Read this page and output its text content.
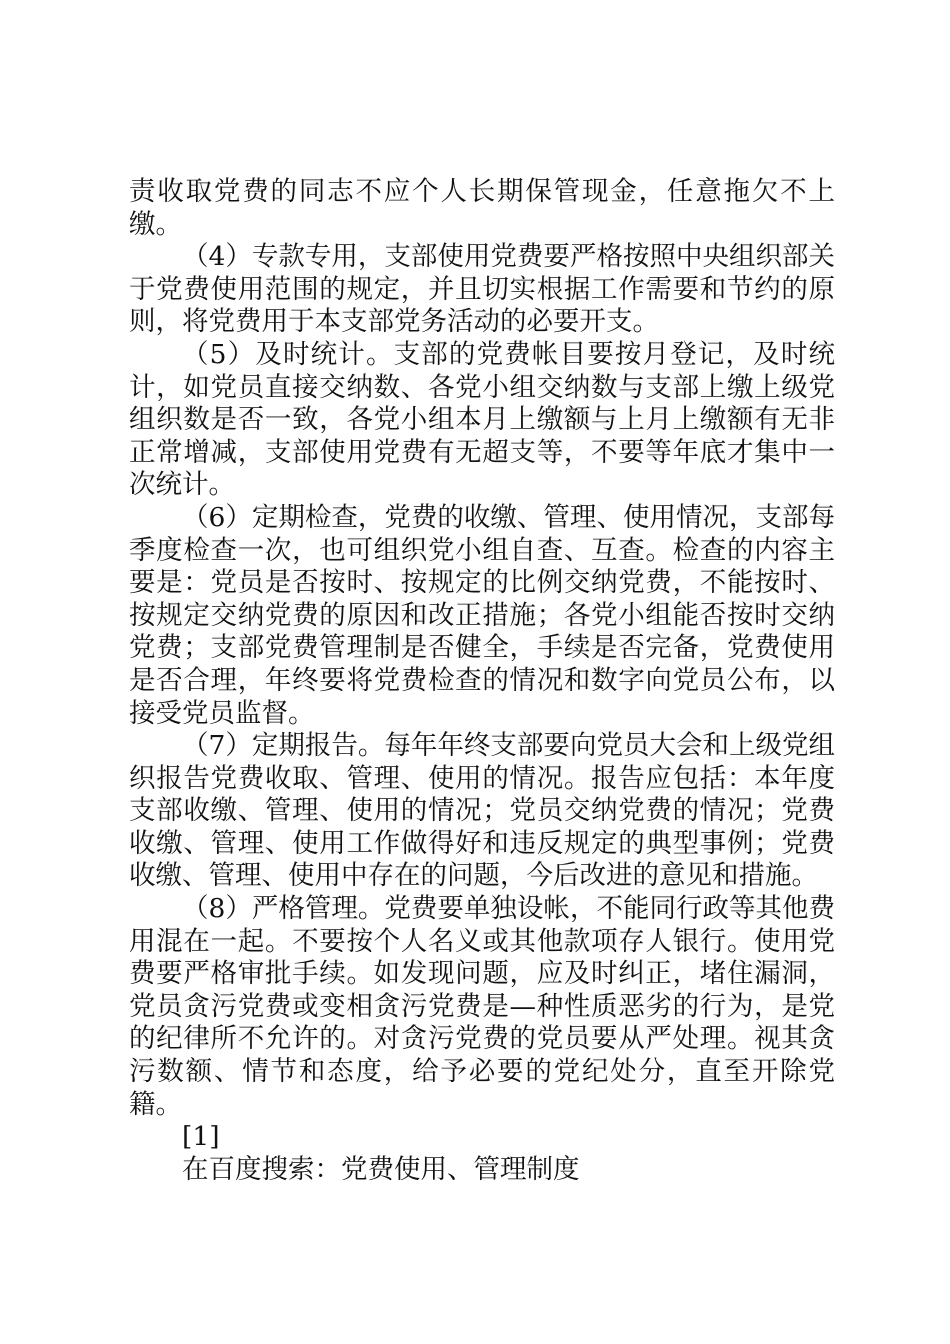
责收取党费的同志不应个人长期保管现金，任意拖欠不上缴。

（4）专款专用，支部使用党费要严格按照中央组织部关于党费使用范围的规定，并且切实根据工作需要和节约的原则，将党费用于本支部党务活动的必要开支。

（5）及时统计。支部的党费帐目要按月登记，及时统计，如党员直接交纳数、各党小组交纳数与支部上缴上级党组织数是否一致，各党小组本月上缴额与上月上缴额有无非正常增减，支部使用党费有无超支等，不要等年底才集中一次统计。

（6）定期检查，党费的收缴、管理、使用情况，支部每季度检查一次，也可组织党小组自查、互查。检查的内容主要是：党员是否按时、按规定的比例交纳党费，不能按时、按规定交纳党费的原因和改正措施；各党小组能否按时交纳党费；支部党费管理制是否健全，手续是否完备，党费使用是否合理，年终要将党费检查的情况和数字向党员公布，以接受党员监督。

（7）定期报告。每年年终支部要向党员大会和上级党组织报告党费收取、管理、使用的情况。报告应包括：本年度支部收缴、管理、使用的情况；党员交纳党费的情况；党费收缴、管理、使用工作做得好和违反规定的典型事例；党费收缴、管理、使用中存在的问题，今后改进的意见和措施。

（8）严格管理。党费要单独设帐，不能同行政等其他费用混在一起。不要按个人名义或其他款项存人银行。使用党费要严格审批手续。如发现问题，应及时纠正，堵住漏洞，党员贪污党费或变相贪污党费是—种性质恶劣的行为，是党的纪律所不允许的。对贪污党费的党员要从严处理。视其贪污数额、情节和态度，给予必要的党纪处分，直至开除党籍。

[1]

在百度搜索：党费使用、管理制度
